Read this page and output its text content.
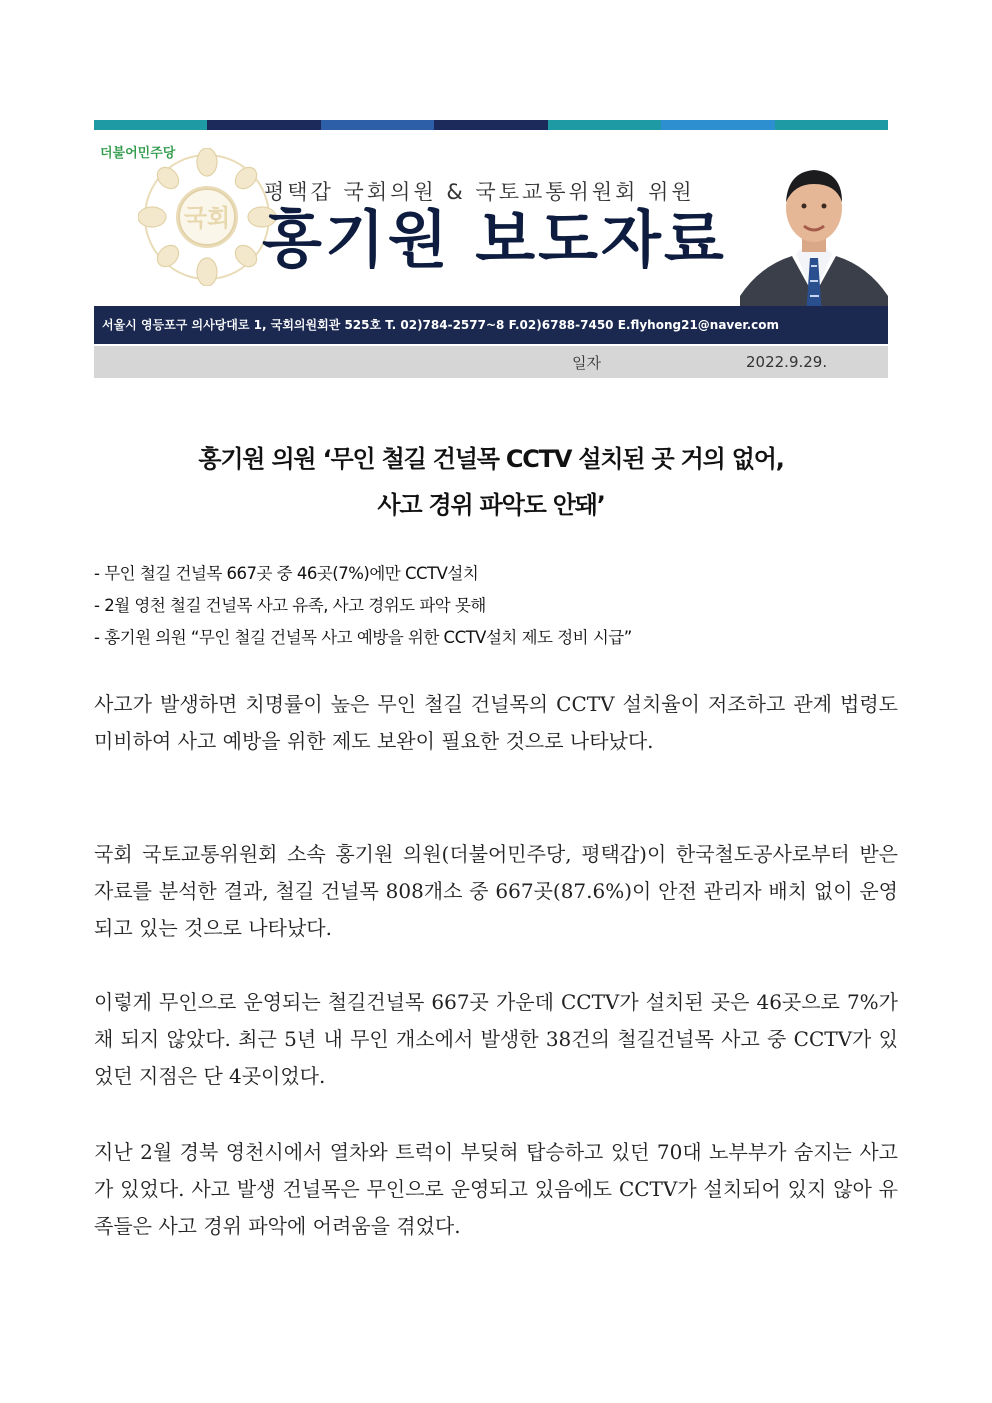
더불어민주당
국회
평택갑 국회의원 & 국토교통위원회 위원
홍기원 보도자료
서울시 영등포구 의사당대로 1, 국회의원회관 525호 T. 02)784-2577~8 F.02)6788-7450 E.flyhong21@naver.com
일자	2022.9.29.
홍기원 의원 ‘무인 철길 건널목 CCTV 설치된 곳 거의 없어,
사고 경위 파악도 안돼’
- 무인 철길 건널목 667곳 중 46곳(7%)에만 CCTV설치
- 2월 영천 철길 건널목 사고 유족, 사고 경위도 파악 못해
- 홍기원 의원 “무인 철길 건널목 사고 예방을 위한 CCTV설치 제도 정비 시급”

사고가 발생하면 치명률이 높은 무인 철길 건널목의 CCTV 설치율이 저조하고 관계 법령도 미비하여 사고 예방을 위한 제도 보완이 필요한 것으로 나타났다.

국회 국토교통위원회 소속 홍기원 의원(더불어민주당, 평택갑)이 한국철도공사로부터 받은 자료를 분석한 결과, 철길 건널목 808개소 중 667곳(87.6%)이 안전 관리자 배치 없이 운영되고 있는 것으로 나타났다.

이렇게 무인으로 운영되는 철길건널목 667곳 가운데 CCTV가 설치된 곳은 46곳으로 7%가 채 되지 않았다. 최근 5년 내 무인 개소에서 발생한 38건의 철길건널목 사고 중 CCTV가 있었던 지점은 단 4곳이었다.

지난 2월 경북 영천시에서 열차와 트럭이 부딪혀 탑승하고 있던 70대 노부부가 숨지는 사고가 있었다. 사고 발생 건널목은 무인으로 운영되고 있음에도 CCTV가 설치되어 있지 않아 유족들은 사고 경위 파악에 어려움을 겪었다.
